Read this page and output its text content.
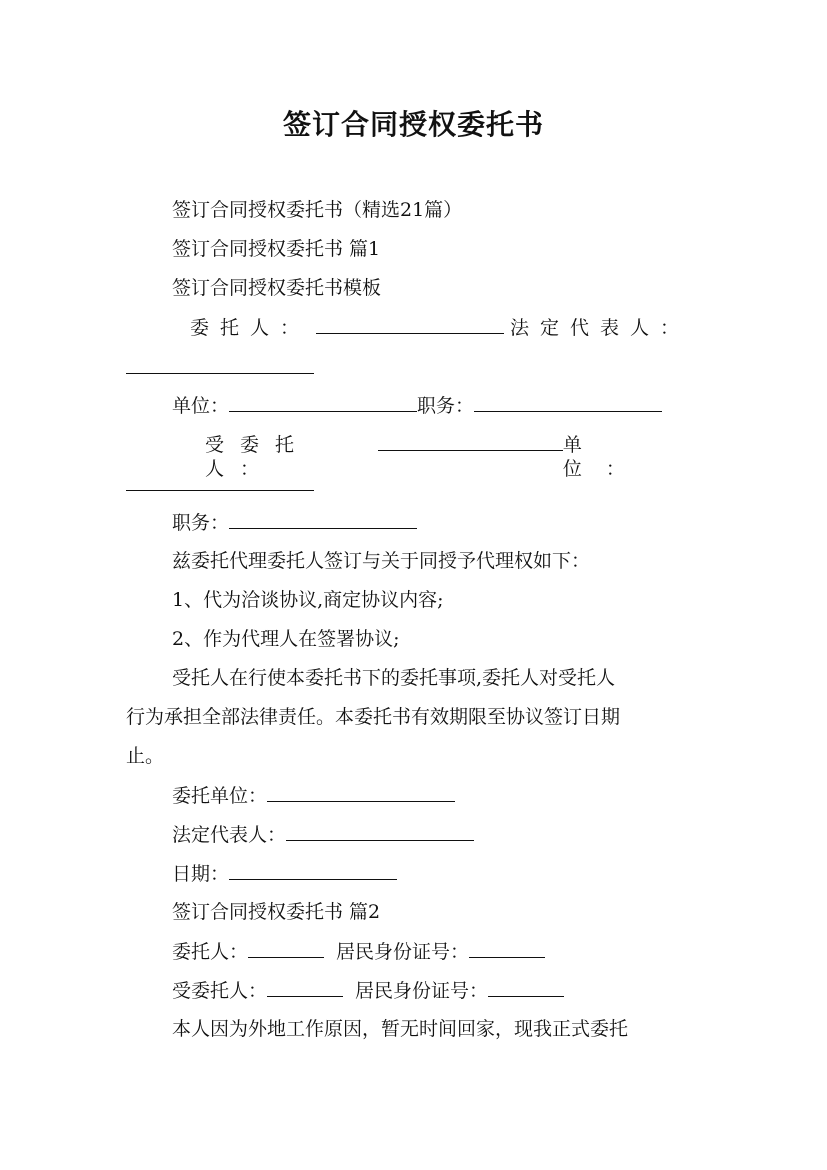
签订合同授权委托书
签订合同授权委托书（精选21篇）
签订合同授权委托书 篇1
签订合同授权委托书模板
委托人：	法定代表人：
单位：	职务：
受委托人：
单位：
职务：
兹委托代理委托人签订与关于同授予代理权如下：
1、代为洽谈协议,商定协议内容;
2、作为代理人在签署协议;
受托人在行使本委托书下的委托事项,委托人对受托人
行为承担全部法律责任。本委托书有效期限至协议签订日期
止。
委托单位：
法定代表人：
日期：
签订合同授权委托书 篇2
委托人：	居民身份证号：
受委托人：	居民身份证号：
本人因为外地工作原因，暂无时间回家，现我正式委托
